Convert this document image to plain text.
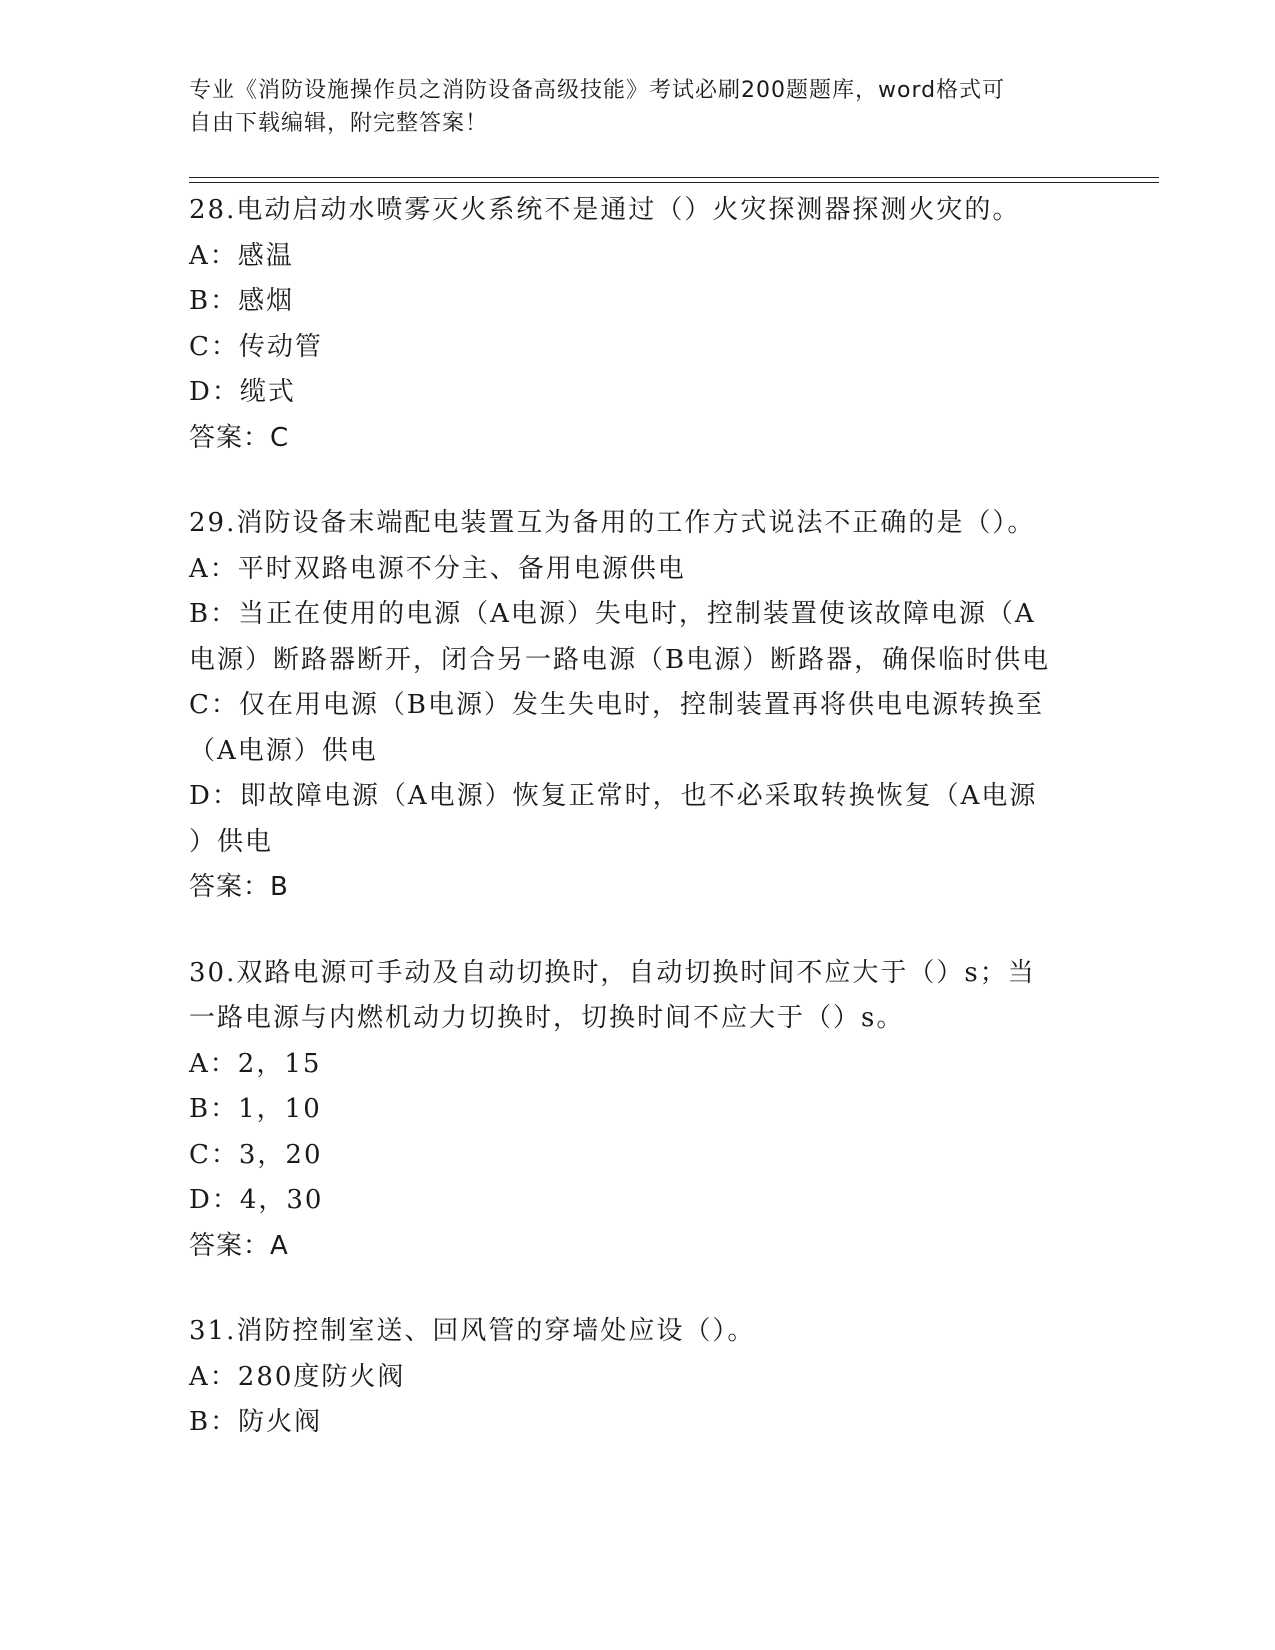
专业《消防设施操作员之消防设备高级技能》考试必刷200题题库，word格式可
自由下载编辑，附完整答案！
28.电动启动水喷雾灭火系统不是通过（）火灾探测器探测火灾的。
A：感温
B：感烟
C：传动管
D：缆式
答案：C
29.消防设备末端配电装置互为备用的工作方式说法不正确的是（）。
A：平时双路电源不分主、备用电源供电
B：当正在使用的电源（A电源）失电时，控制装置使该故障电源（A
电源）断路器断开，闭合另一路电源（B电源）断路器，确保临时供电
C：仅在用电源（B电源）发生失电时，控制装置再将供电电源转换至
（A电源）供电
D：即故障电源（A电源）恢复正常时，也不必采取转换恢复（A电源
）供电
答案：B
30.双路电源可手动及自动切换时，自动切换时间不应大于（）s；当
一路电源与内燃机动力切换时，切换时间不应大于（）s。
A：2，15
B：1，10
C：3，20
D：4，30
答案：A
31.消防控制室送、回风管的穿墙处应设（）。
A：280度防火阀
B：防火阀
